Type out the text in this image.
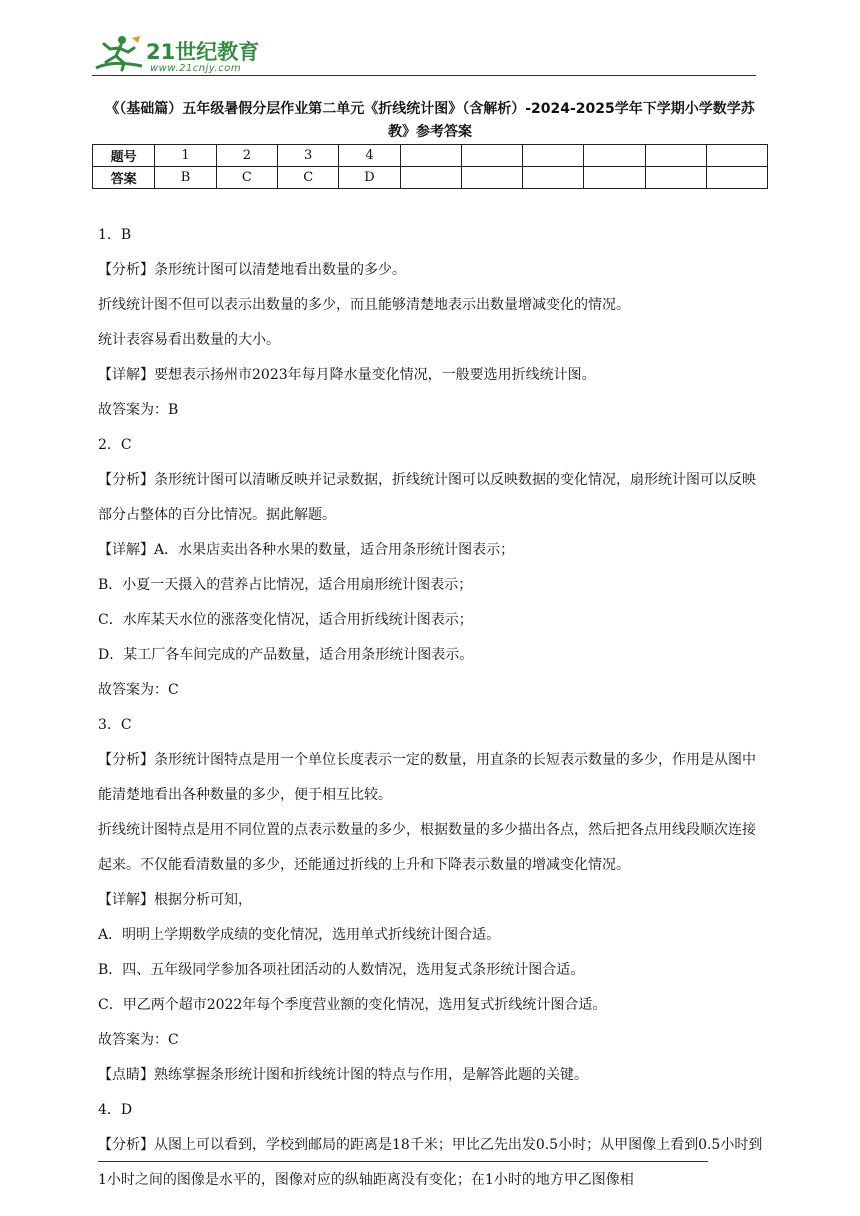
21世纪教育
www.21cnjy.com
《（基础篇）五年级暑假分层作业第二单元《折线统计图》（含解析）-2024-2025学年下学期小学数学苏教》参考答案
题号	1	2	3	4						
答案	B	C	C	D						

1．B

【分析】条形统计图可以清楚地看出数量的多少。

折线统计图不但可以表示出数量的多少，而且能够清楚地表示出数量增减变化的情况。

统计表容易看出数量的大小。

【详解】要想表示扬州市2023年每月降水量变化情况，一般要选用折线统计图。

故答案为：B

2．C

【分析】条形统计图可以清晰反映并记录数据，折线统计图可以反映数据的变化情况，扇形统计图可以反映部分占整体的百分比情况。据此解题。

【详解】A．水果店卖出各种水果的数量，适合用条形统计图表示；

B．小夏一天摄入的营养占比情况，适合用扇形统计图表示；

C．水库某天水位的涨落变化情况，适合用折线统计图表示；

D．某工厂各车间完成的产品数量，适合用条形统计图表示。

故答案为：C

3．C

【分析】条形统计图特点是用一个单位长度表示一定的数量，用直条的长短表示数量的多少，作用是从图中能清楚地看出各种数量的多少，便于相互比较。

折线统计图特点是用不同位置的点表示数量的多少，根据数量的多少描出各点，然后把各点用线段顺次连接起来。不仅能看清数量的多少，还能通过折线的上升和下降表示数量的增减变化情况。

【详解】根据分析可知，

A．明明上学期数学成绩的变化情况，选用单式折线统计图合适。

B．四、五年级同学参加各项社团活动的人数情况，选用复式条形统计图合适。

C．甲乙两个超市2022年每个季度营业额的变化情况，选用复式折线统计图合适。

故答案为：C

【点睛】熟练掌握条形统计图和折线统计图的特点与作用，是解答此题的关键。

4．D

【分析】从图上可以看到，学校到邮局的距离是18千米；甲比乙先出发0.5小时；从甲图像上看到0.5小时到1小时之间的图像是水平的，图像对应的纵轴距离没有变化；在1小时的地方甲乙图像相
